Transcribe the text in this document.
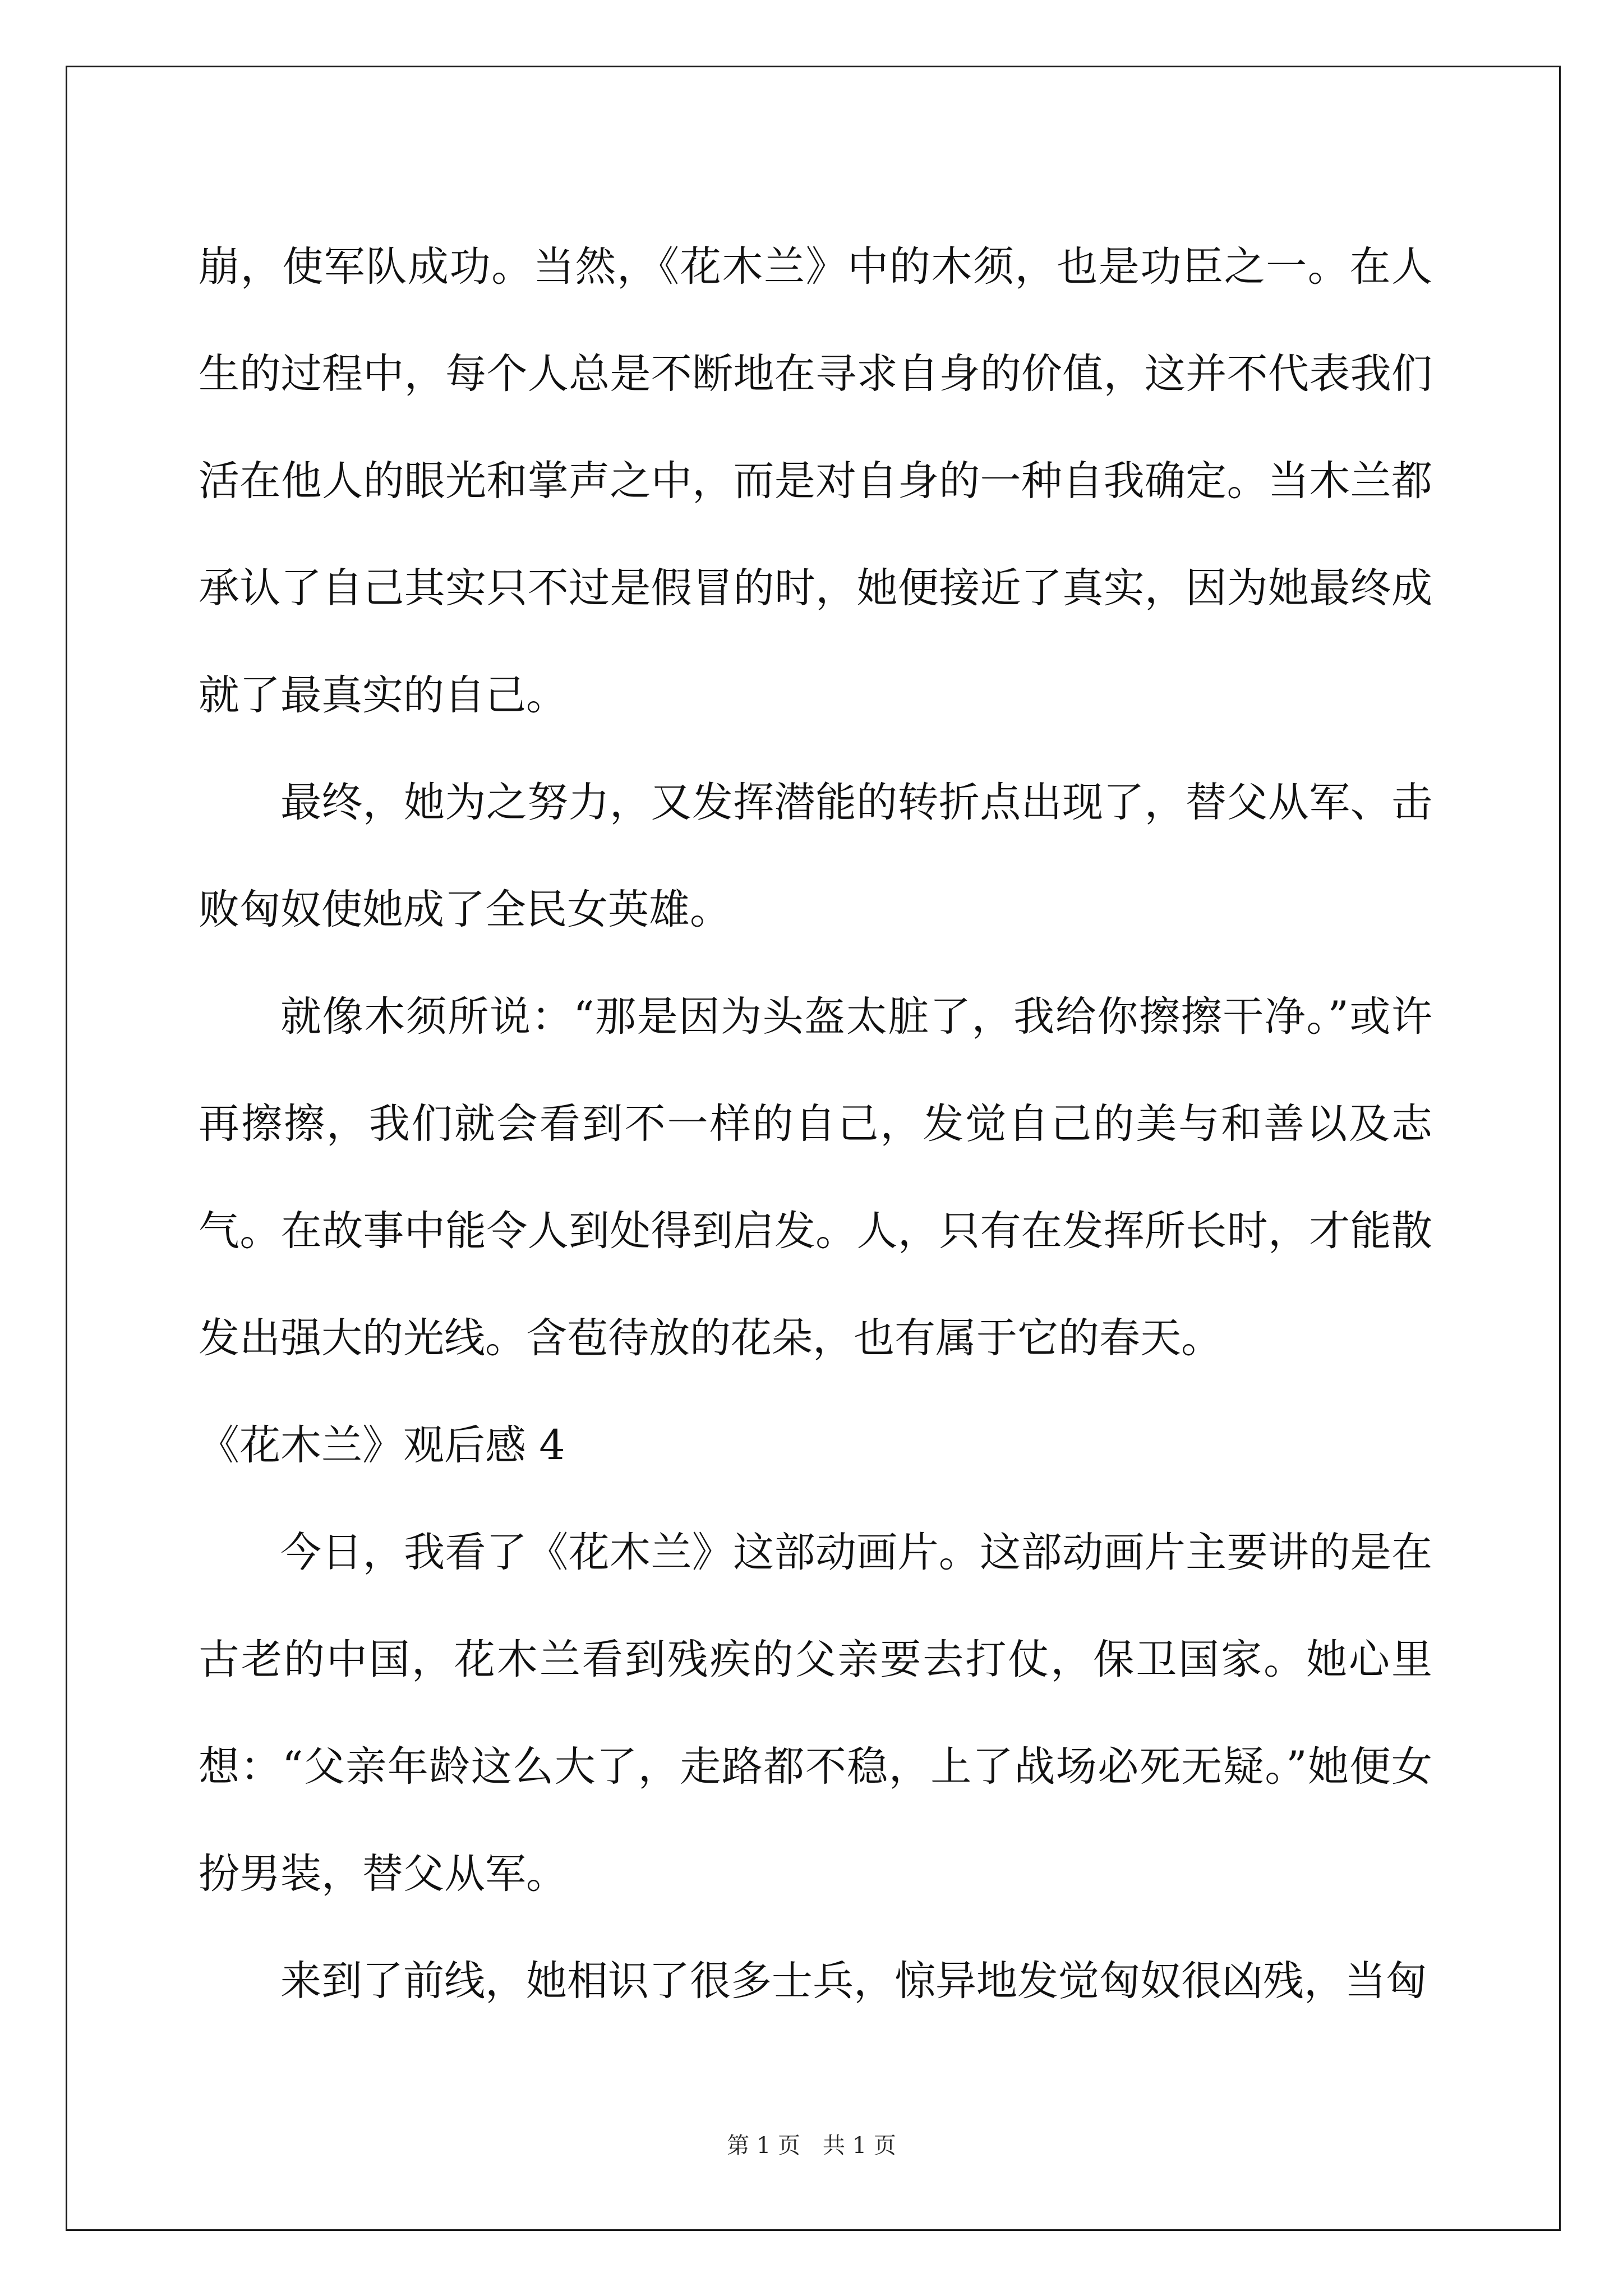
崩，使军队成功。当然，《花木兰》中的木须，也是功臣之一。在人生的过程中，每个人总是不断地在寻求自身的价值，这并不代表我们活在他人的眼光和掌声之中，而是对自身的一种自我确定。当木兰都承认了自己其实只不过是假冒的时，她便接近了真实，因为她最终成就了最真实的自己。

最终，她为之努力，又发挥潜能的转折点出现了，替父从军、击败匈奴使她成了全民女英雄。

就像木须所说：“那是因为头盔太脏了，我给你擦擦干净。”或许再擦擦，我们就会看到不一样的自己，发觉自己的美与和善以及志气。在故事中能令人到处得到启发。人，只有在发挥所长时，才能散发出强大的光线。含苞待放的花朵，也有属于它的春天。

《花木兰》观后感 4

今日，我看了《花木兰》这部动画片。这部动画片主要讲的是在古老的中国，花木兰看到残疾的父亲要去打仗，保卫国家。她心里想：“父亲年龄这么大了，走路都不稳，上了战场必死无疑。”她便女扮男装，替父从军。

来到了前线，她相识了很多士兵，惊异地发觉匈奴很凶残，当匈

第 1 页 共 1 页
